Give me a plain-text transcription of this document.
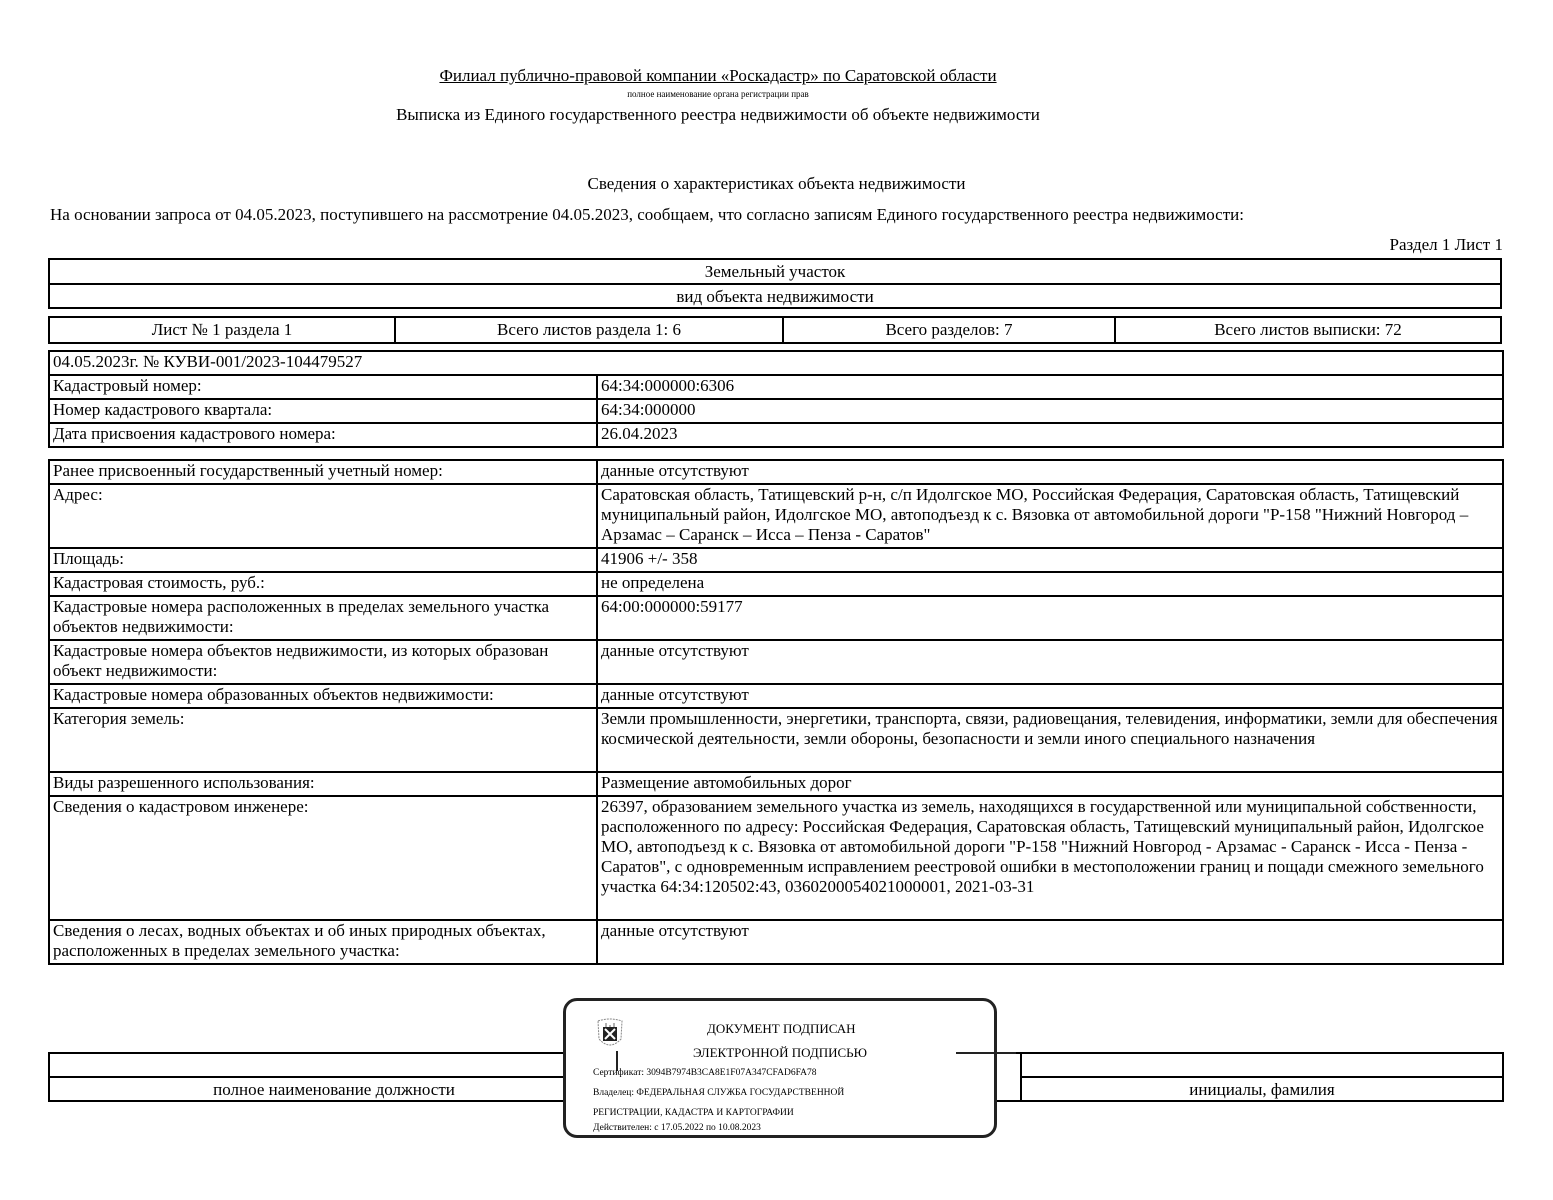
Филиал публично-правовой компании «Роскадастр» по Саратовской области
полное наименование органа регистрации прав
Выписка из Единого государственного реестра недвижимости об объекте недвижимости
Сведения о характеристиках объекта недвижимости
На основании запроса от 04.05.2023, поступившего на рассмотрение 04.05.2023, сообщаем, что согласно записям Единого государственного реестра недвижимости:
Раздел 1 Лист 1
Земельный участок
вид объекта недвижимости
Лист № 1 раздела 1	Всего листов раздела 1: 6	Всего разделов: 7	Всего листов выписки: 72
04.05.2023г. № КУВИ-001/2023-104479527	
Кадастровый номер:	64:34:000000:6306
Номер кадастрового квартала:	64:34:000000
Дата присвоения кадастрового номера:	26.04.2023
Ранее присвоенный государственный учетный номер:	данные отсутствуют
Адрес:	Саратовская область, Татищевский р-н, с/п Идолгское МО, Российская Федерация, Саратовская область, Татищевский муниципальный район, Идолгское МО, автоподъезд к с. Вязовка от автомобильной дороги "Р-158 "Нижний Новгород – Арзамас – Саранск – Исса – Пенза - Саратов"
Площадь:	41906 +/- 358
Кадастровая стоимость, руб.:	не определена
Кадастровые номера расположенных в пределах земельного участка объектов недвижимости:	64:00:000000:59177
Кадастровые номера объектов недвижимости, из которых образован объект недвижимости:	данные отсутствуют
Кадастровые номера образованных объектов недвижимости:	данные отсутствуют
Категория земель:	Земли промышленности, энергетики, транспорта, связи, радиовещания, телевидения, информатики, земли для обеспечения космической деятельности, земли обороны, безопасности и земли иного специального назначения
Виды разрешенного использования:	Размещение автомобильных дорог
Сведения о кадастровом инженере:	26397, образованием земельного участка из земель, находящихся в государственной или муниципальной собственности, расположенного по адресу: Российская Федерация, Саратовская область, Татищевский муниципальный район, Идолгское МО, автоподъезд к с. Вязовка от автомобильной дороги "Р-158 "Нижний Новгород - Арзамас - Саранск - Исса - Пенза - Саратов", с одновременным исправлением реестровой ошибки в местоположении границ и пощади смежного земельного участка 64:34:120502:43, 0360200054021000001, 2021-03-31
Сведения о лесах, водных объектах и об иных природных объектах, расположенных в пределах земельного участка:	данные отсутствуют
полное наименование должности	инициалы, фамилия
ДОКУМЕНТ ПОДПИСАН
ЭЛЕКТРОННОЙ ПОДПИСЬЮ
Сертификат: 3094B7974B3CA8E1F07A347CFAD6FA78
Владелец: ФЕДЕРАЛЬНАЯ СЛУЖБА ГОСУДАРСТВЕННОЙ
РЕГИСТРАЦИИ, КАДАСТРА И КАРТОГРАФИИ
Действителен: с 17.05.2022 по 10.08.2023
